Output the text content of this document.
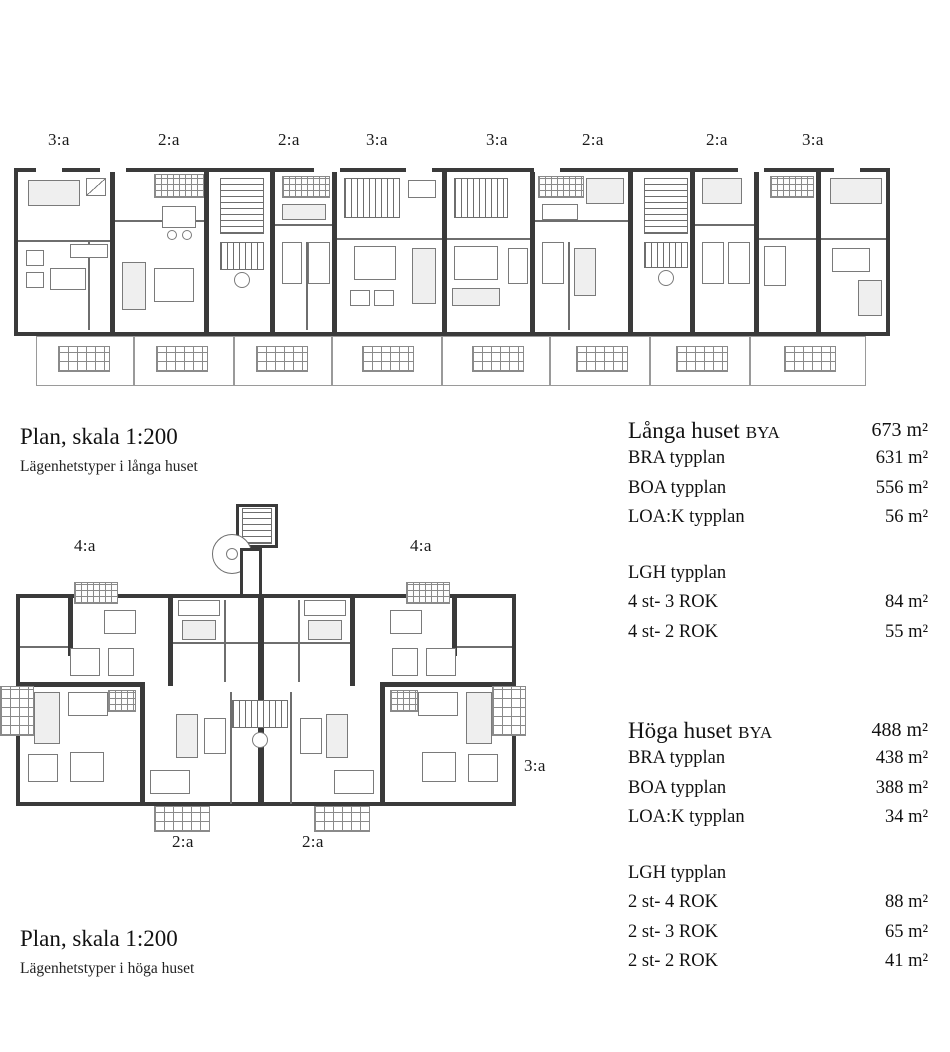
3:a	2:a	2:a	3:a	3:a	2:a	2:a	3:a
Plan, skala 1:200
Lägenhetstyper i långa huset
4:a	4:a
2:a	2:a
3:a
Plan, skala 1:200
Lägenhetstyper i höga huset
Långa huset BYA	673 m²
BRA typplan	631 m²
BOA typplan	556 m²
LOA:K typplan	56 m²
LGH typplan
4 st- 3 ROK	84 m²
4 st- 2 ROK	55 m²
Höga huset BYA	488 m²
BRA typplan	438 m²
BOA typplan	388 m²
LOA:K typplan	34 m²
LGH typplan
2 st- 4 ROK	88 m²
2 st- 3 ROK	65 m²
2 st- 2 ROK	41 m²
